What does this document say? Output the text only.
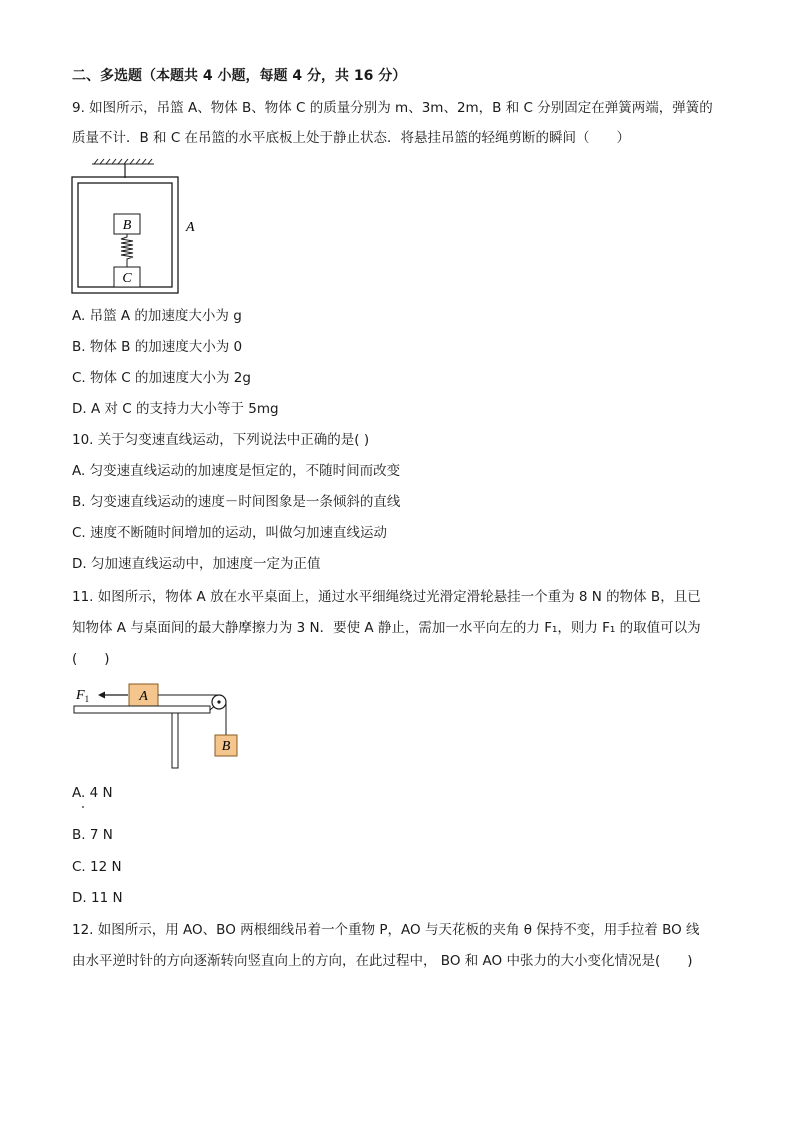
二、多选题（本题共 4 小题，每题 4 分，共 16 分）
9. 如图所示，吊篮 A、物体 B、物体 C 的质量分别为 m、3m、2m，B 和 C 分别固定在弹簧两端，弹簧的
质量不计．B 和 C 在吊篮的水平底板上处于静止状态．将悬挂吊篮的轻绳剪断的瞬间（　　）
B
C
A
A. 吊篮 A 的加速度大小为 g
B. 物体 B 的加速度大小为 0
C. 物体 C 的加速度大小为 2g
D. A 对 C 的支持力大小等于 5mg
10. 关于匀变速直线运动，下列说法中正确的是( )
A. 匀变速直线运动的加速度是恒定的，不随时间而改变
B. 匀变速直线运动的速度－时间图象是一条倾斜的直线
C. 速度不断随时间增加的运动，叫做匀加速直线运动
D. 匀加速直线运动中，加速度一定为正值
11. 如图所示，物体 A 放在水平桌面上，通过水平细绳绕过光滑定滑轮悬挂一个重为 8 N 的物体 B，且已
知物体 A 与桌面间的最大静摩擦力为 3 N．要使 A 静止，需加一水平向左的力 F₁，则力 F₁ 的取值可以为
(　　)
$F_1$	A
B
A. 4 N
B. 7 N
C. 12 N
D. 11 N
12. 如图所示，用 AO、BO 两根细线吊着一个重物 P，AO 与天花板的夹角 θ 保持不变，用手拉着 BO 线
由水平逆时针的方向逐渐转向竖直向上的方向，在此过程中， BO 和 AO 中张力的大小变化情况是(　　)
